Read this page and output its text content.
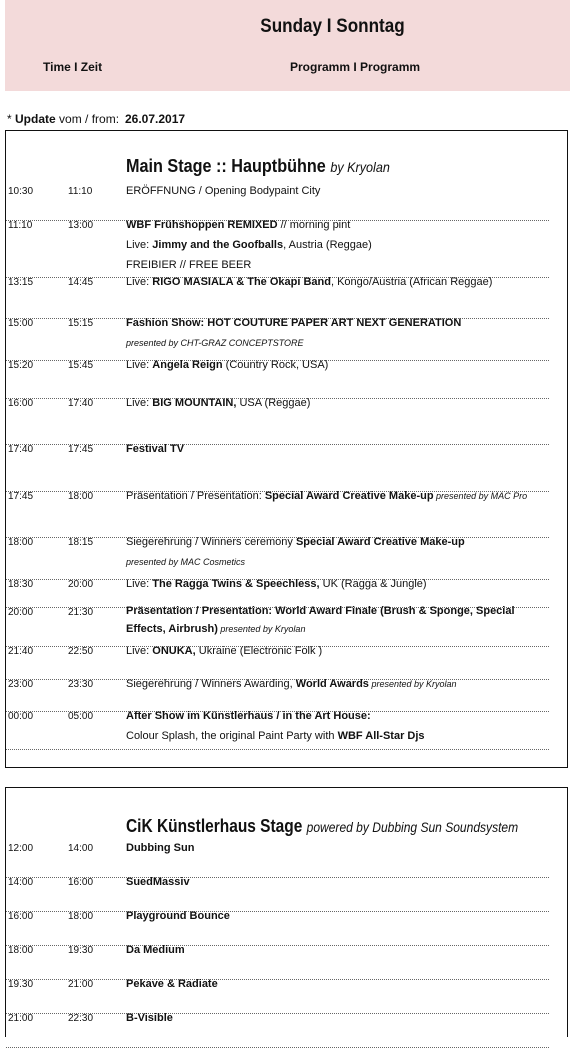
Sunday I Sonntag
Time I Zeit	Programm I Programm
* Update vom / from: 26.07.2017
Main Stage :: Hauptbühne by Kryolan
10:30	11:10	ERÖFFNUNG / Opening Bodypaint City
11:10	13:00	WBF Frühshoppen REMIXED // morning pint
Live: Jimmy and the Goofballs, Austria (Reggae)
FREIBIER // FREE BEER
13:15	14:45	Live: RIGO MASIALA & The Okapi Band, Kongo/Austria (African Reggae)
15:00	15:15	Fashion Show: HOT COUTURE PAPER ART NEXT GENERATION
presented by CHT-GRAZ CONCEPTSTORE
15:20	15:45	Live: Angela Reign (Country Rock, USA)
16:00	17:40	Live: BIG MOUNTAIN, USA (Reggae)
17:40	17:45	Festival TV
17:45	18:00	Präsentation / Presentation: Special Award Creative Make-up presented by MAC Pro
18:00	18:15	Siegerehrung / Winners ceremony Special Award Creative Make-up
presented by MAC Cosmetics
18:30	20:00	Live: The Ragga Twins & Speechless, UK (Ragga & Jungle)
20:00	21:30	Präsentation / Presentation: World Award Finale (Brush & Sponge, Special Effects, Airbrush) presented by Kryolan
21:40	22:50	Live: ONUKA, Ukraine (Electronic Folk )
23:00	23:30	Siegerehrung / Winners Awarding, World Awards presented by Kryolan
00:00	05:00	After Show im Künstlerhaus / in the Art House:
Colour Splash, the original Paint Party with WBF All-Star Djs
CiK Künstlerhaus Stage powered by Dubbing Sun Soundsystem
12:00	14:00	Dubbing Sun
14:00	16:00	SuedMassiv
16:00	18:00	Playground Bounce
18:00	19:30	Da Medium
19.30	21:00	Pekave & Radiate
21:00	22:30	B-Visible
